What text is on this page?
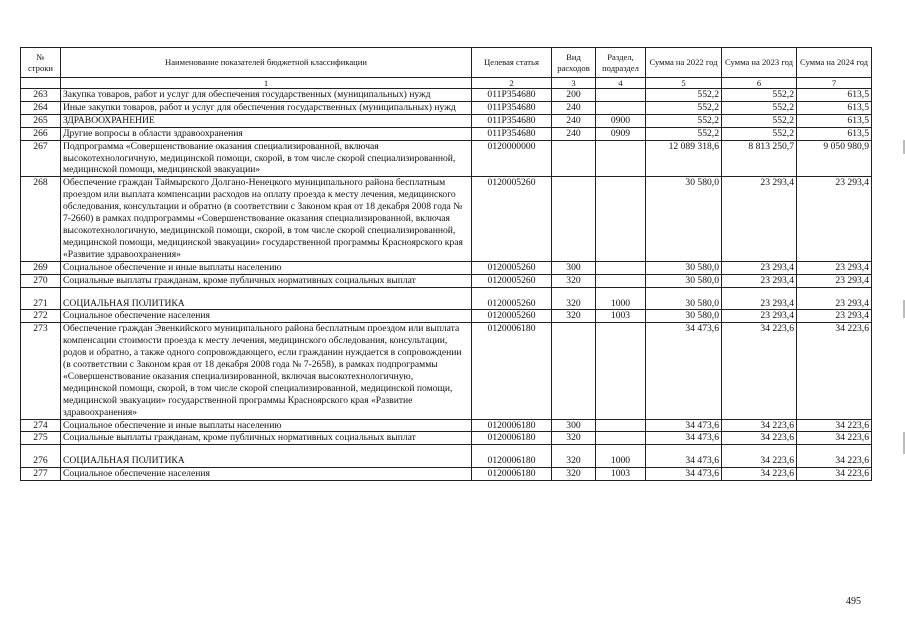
№ строки	Наименование показателей бюджетной классификации	Целевая статья	Вид расходов	Раздел, подраздел	Сумма на 2022 год	Сумма на 2023 год	Сумма на 2024 год
	1	2	3	4	5	6	7
263	Закупка товаров, работ и услуг для обеспечения государственных (муниципальных) нужд	011Р354680	200		552,2	552,2	613,5
264	Иные закупки товаров, работ и услуг для обеспечения государственных (муниципальных) нужд	011Р354680	240		552,2	552,2	613,5
265	ЗДРАВООХРАНЕНИЕ	011Р354680	240	0900	552,2	552,2	613,5
266	Другие вопросы в области здравоохранения	011Р354680	240	0909	552,2	552,2	613,5
267	Подпрограмма «Совершенствование оказания специализированной, включая высокотехнологичную, медицинской помощи, скорой, в том числе скорой специализированной, медицинской помощи, медицинской эвакуации»	0120000000			12 089 318,6	8 813 250,7	9 050 980,9
268	Обеспечение граждан Таймырского Долгано-Ненецкого муниципального района бесплатным проездом или выплата компенсации расходов на оплату проезда к месту лечения, медицинского обследования, консультации и обратно (в соответствии с Законом края от 18 декабря 2008 года № 7-2660) в рамках подпрограммы «Совершенствование оказания специализированной, включая высокотехнологичную, медицинской помощи, скорой, в том числе скорой специализированной, медицинской помощи, медицинской эвакуации» государственной программы Красноярского края «Развитие здравоохранения»	0120005260			30 580,0	23 293,4	23 293,4
269	Социальное обеспечение и иные выплаты населению	0120005260	300		30 580,0	23 293,4	23 293,4
270	Социальные выплаты гражданам, кроме публичных нормативных социальных выплат	0120005260	320		30 580,0	23 293,4	23 293,4
271	СОЦИАЛЬНАЯ ПОЛИТИКА	0120005260	320	1000	30 580,0	23 293,4	23 293,4
272	Социальное обеспечение населения	0120005260	320	1003	30 580,0	23 293,4	23 293,4
273	Обеспечение граждан Эвенкийского муниципального района бесплатным проездом или выплата компенсации стоимости проезда к месту лечения, медицинского обследования, консультации, родов и обратно, а также одного сопровождающего, если гражданин нуждается в сопровождении (в соответствии с Законом края от 18 декабря 2008 года № 7-2658), в рамках подпрограммы «Совершенствование оказания специализированной, включая высокотехнологичную, медицинской помощи, скорой, в том числе скорой специализированной, медицинской помощи, медицинской эвакуации» государственной программы Красноярского края «Развитие здравоохранения»	0120006180			34 473,6	34 223,6	34 223,6
274	Социальное обеспечение и иные выплаты населению	0120006180	300		34 473,6	34 223,6	34 223,6
275	Социальные выплаты гражданам, кроме публичных нормативных социальных выплат	0120006180	320		34 473,6	34 223,6	34 223,6
276	СОЦИАЛЬНАЯ ПОЛИТИКА	0120006180	320	1000	34 473,6	34 223,6	34 223,6
277	Социальное обеспечение населения	0120006180	320	1003	34 473,6	34 223,6	34 223,6
495
